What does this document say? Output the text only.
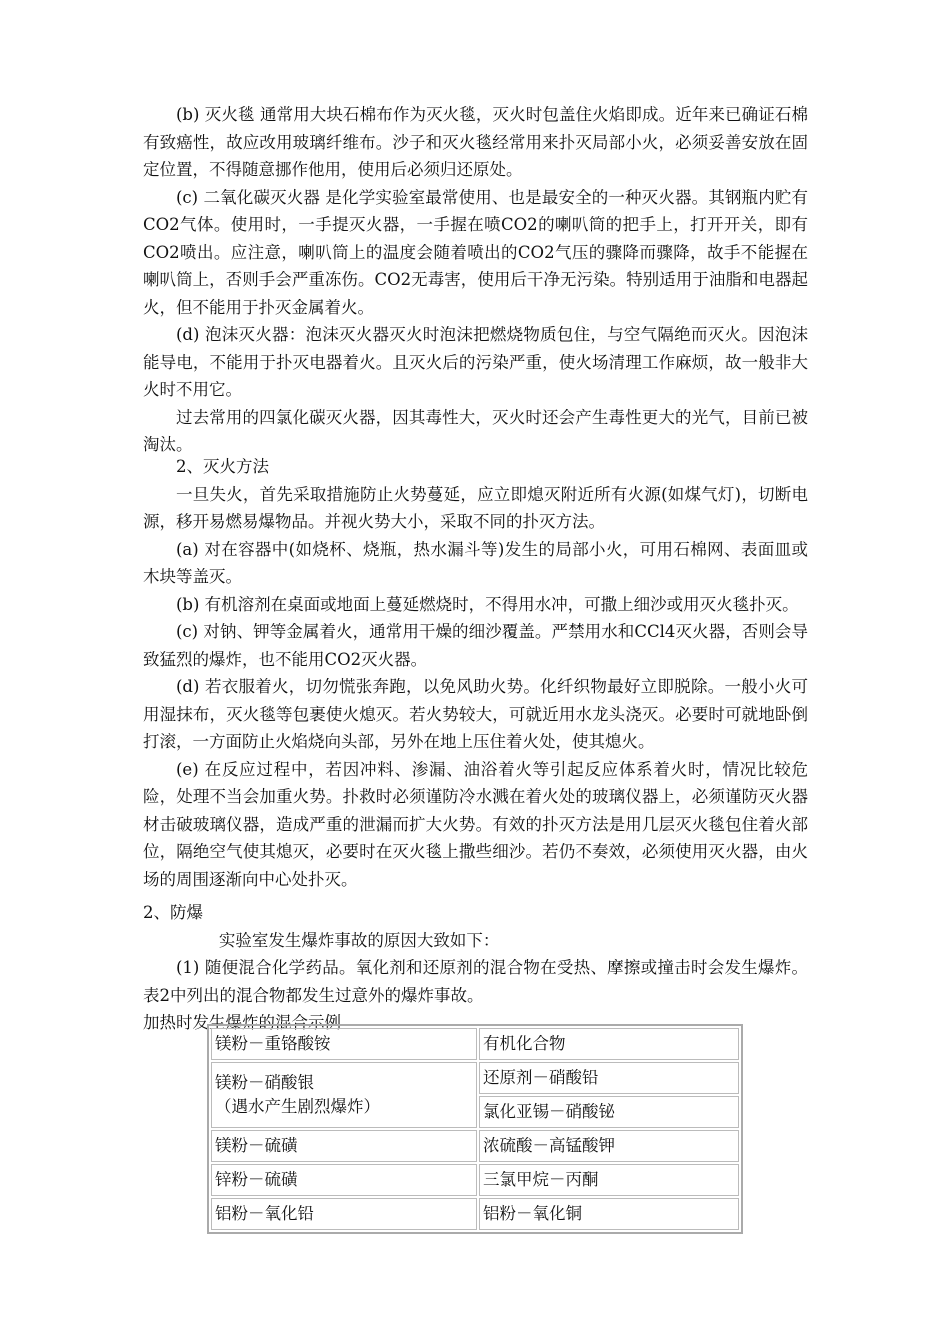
(b) 灭火毯 通常用大块石棉布作为灭火毯，灭火时包盖住火焰即成。近年来已确证石棉有致癌性，故应改用玻璃纤维布。沙子和灭火毯经常用来扑灭局部小火，必须妥善安放在固定位置，不得随意挪作他用，使用后必须归还原处。

(c) 二氧化碳灭火器 是化学实验室最常使用、也是最安全的一种灭火器。其钢瓶内贮有CO2气体。使用时，一手提灭火器，一手握在喷CO2的喇叭筒的把手上，打开开关，即有CO2喷出。应注意，喇叭筒上的温度会随着喷出的CO2气压的骤降而骤降，故手不能握在喇叭筒上，否则手会严重冻伤。CO2无毒害，使用后干净无污染。特别适用于油脂和电器起火，但不能用于扑灭金属着火。

(d) 泡沫灭火器：泡沫灭火器灭火时泡沫把燃烧物质包住，与空气隔绝而灭火。因泡沫能导电，不能用于扑灭电器着火。且灭火后的污染严重，使火场清理工作麻烦，故一般非大火时不用它。

过去常用的四氯化碳灭火器，因其毒性大，灭火时还会产生毒性更大的光气，目前已被淘汰。

2、灭火方法

一旦失火，首先采取措施防止火势蔓延，应立即熄灭附近所有火源(如煤气灯)，切断电源，移开易燃易爆物品。并视火势大小，采取不同的扑灭方法。

(a) 对在容器中(如烧杯、烧瓶，热水漏斗等)发生的局部小火，可用石棉网、表面皿或木块等盖灭。

(b) 有机溶剂在桌面或地面上蔓延燃烧时，不得用水冲，可撒上细沙或用灭火毯扑灭。

(c) 对钠、钾等金属着火，通常用干燥的细沙覆盖。严禁用水和CCl4灭火器，否则会导致猛烈的爆炸，也不能用CO2灭火器。

(d) 若衣服着火，切勿慌张奔跑，以免风助火势。化纤织物最好立即脱除。一般小火可用湿抹布，灭火毯等包裹使火熄灭。若火势较大，可就近用水龙头浇灭。必要时可就地卧倒打滚，一方面防止火焰烧向头部，另外在地上压住着火处，使其熄火。

(e) 在反应过程中，若因冲料、渗漏、油浴着火等引起反应体系着火时，情况比较危险，处理不当会加重火势。扑救时必须谨防冷水溅在着火处的玻璃仪器上，必须谨防灭火器材击破玻璃仪器，造成严重的泄漏而扩大火势。有效的扑灭方法是用几层灭火毯包住着火部位，隔绝空气使其熄灭，必要时在灭火毯上撒些细沙。若仍不奏效，必须使用灭火器，由火场的周围逐渐向中心处扑灭。

2、防爆

实验室发生爆炸事故的原因大致如下：

(1) 随便混合化学药品。氧化剂和还原剂的混合物在受热、摩擦或撞击时会发生爆炸。表2中列出的混合物都发生过意外的爆炸事故。

加热时发生爆炸的混合示例

镁粉－重铬酸铵	有机化合物

镁粉－硝酸银
（遇水产生剧烈爆炸）	还原剂－硝酸铅
	氯化亚锡－硝酸铋
镁粉－硫磺	浓硫酸－高锰酸钾
锌粉－硫磺	三氯甲烷－丙酮
铝粉－氧化铅	铝粉－氧化铜
